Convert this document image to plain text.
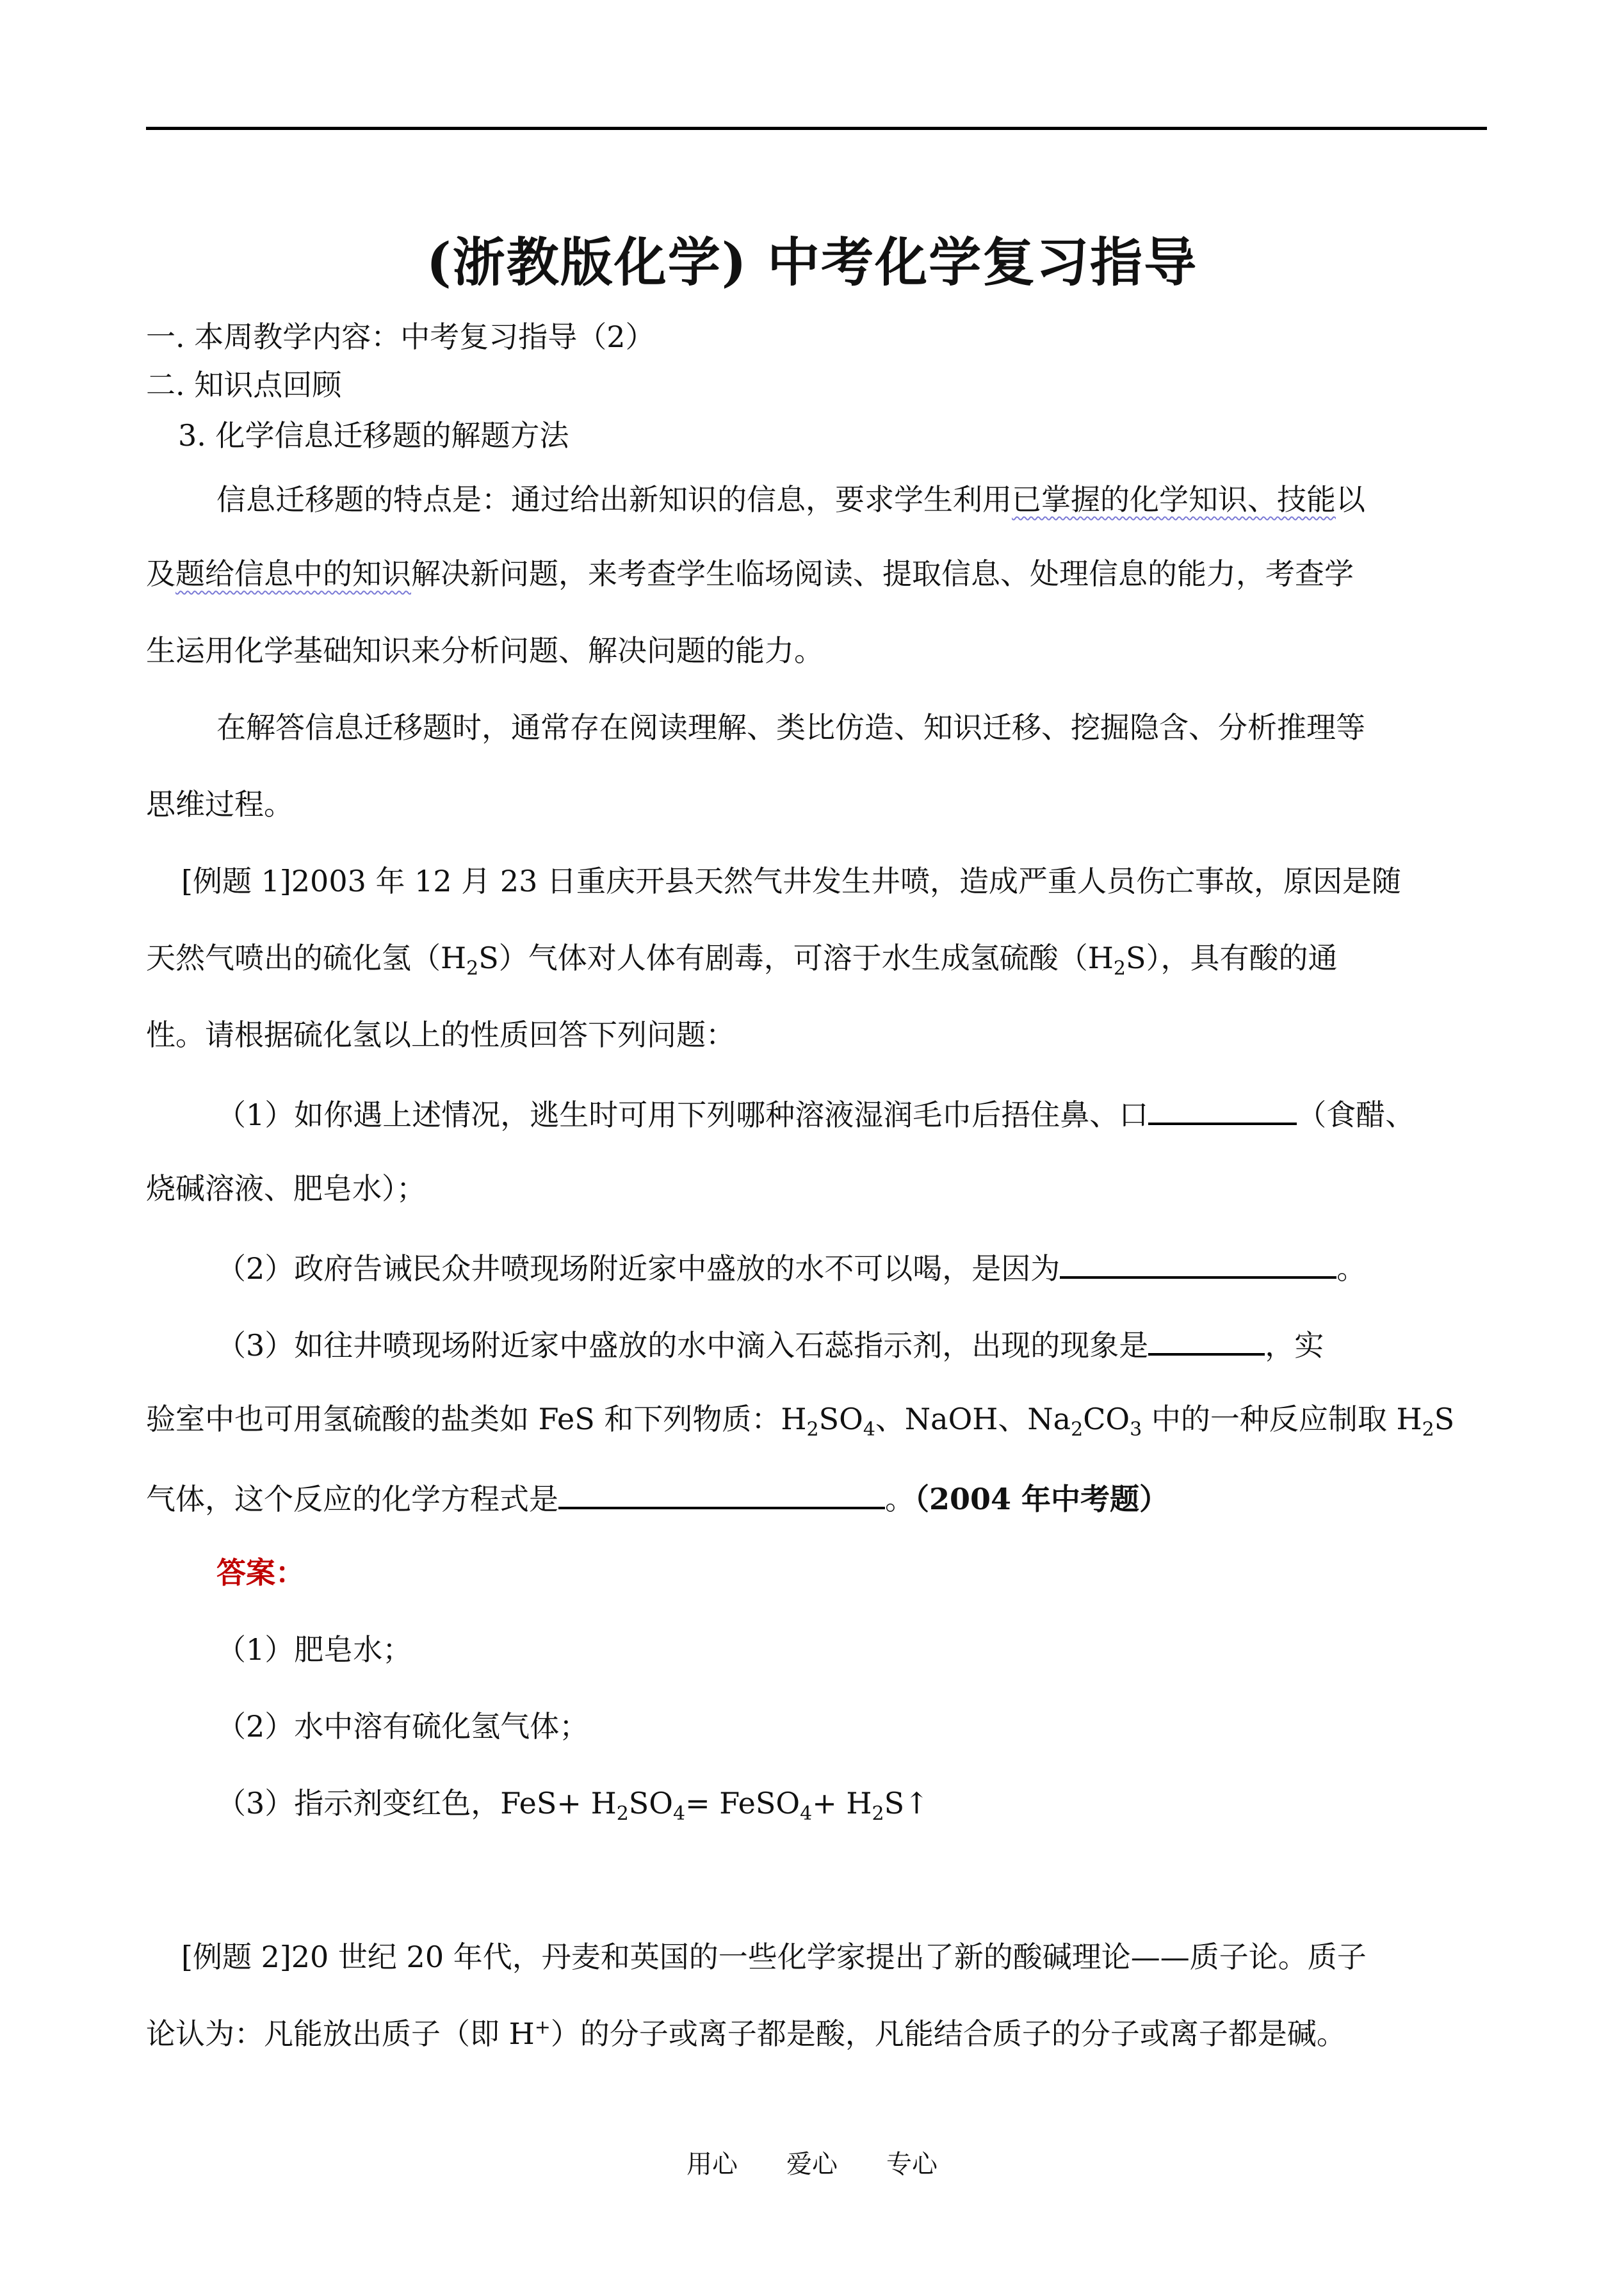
(浙教版化学) 中考化学复习指导
一. 本周教学内容：中考复习指导（2）
二. 知识点回顾
3. 化学信息迁移题的解题方法
信息迁移题的特点是：通过给出新知识的信息，要求学生利用已掌握的化学知识、技能以
及题给信息中的知识解决新问题，来考查学生临场阅读、提取信息、处理信息的能力，考查学
生运用化学基础知识来分析问题、解决问题的能力。
在解答信息迁移题时，通常存在阅读理解、类比仿造、知识迁移、挖掘隐含、分析推理等
思维过程。
[例题 1]2003 年 12 月 23 日重庆开县天然气井发生井喷，造成严重人员伤亡事故，原因是随
天然气喷出的硫化氢$(H_2S)$气体对人体有剧毒，可溶于水生成氢硫酸$(H_2S)$，具有酸的通
性。请根据硫化氢以上的性质回答下列问题：
（1）如你遇上述情况，逃生时可用下列哪种溶液湿润毛巾后捂住鼻、口	（食醋、
烧碱溶液、肥皂水）；
（2）政府告诫民众井喷现场附近家中盛放的水不可以喝，是因为	。
（3）如往井喷现场附近家中盛放的水中滴入石蕊指示剂，出现的现象是	，实
验室中也可用氢硫酸的盐类如 FeS 和下列物质：$H_2SO_4$、NaOH、$Na_2CO_3$ 中的一种反应制取 $H_2S$
气体，这个反应的化学方程式是	。（2004 年中考题）
答案：
（1）肥皂水；
（2）水中溶有硫化氢气体；
（3）指示剂变红色，$FeS+ H_2SO_4=$ FeSO$_4$+ $H_2S↑$
[例题 2]20 世纪 20 年代，丹麦和英国的一些化学家提出了新的酸碱理论——质子论。质子
论认为：凡能放出质子（即 H+）的分子或离子都是酸，凡能结合质子的分子或离子都是碱。
用心 爱心 专心
